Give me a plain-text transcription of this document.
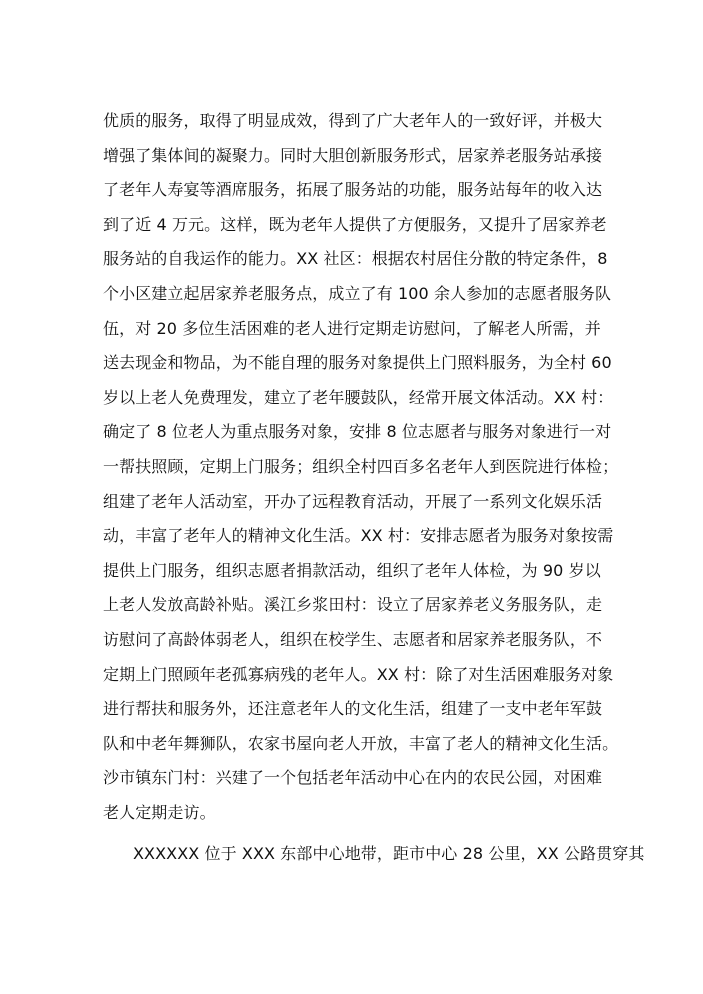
优质的服务，取得了明显成效，得到了广大老年人的一致好评，并极大
增强了集体间的凝聚力。同时大胆创新服务形式，居家养老服务站承接
了老年人寿宴等酒席服务，拓展了服务站的功能，服务站每年的收入达
到了近 4 万元。这样，既为老年人提供了方便服务，又提升了居家养老
服务站的自我运作的能力。XX 社区：根据农村居住分散的特定条件，8
个小区建立起居家养老服务点，成立了有 100 余人参加的志愿者服务队
伍，对 20 多位生活困难的老人进行定期走访慰问，了解老人所需，并
送去现金和物品，为不能自理的服务对象提供上门照料服务，为全村 60
岁以上老人免费理发，建立了老年腰鼓队，经常开展文体活动。XX 村：
确定了 8 位老人为重点服务对象，安排 8 位志愿者与服务对象进行一对
一帮扶照顾，定期上门服务；组织全村四百多名老年人到医院进行体检；
组建了老年人活动室，开办了远程教育活动，开展了一系列文化娱乐活
动，丰富了老年人的精神文化生活。XX 村：安排志愿者为服务对象按需
提供上门服务，组织志愿者捐款活动，组织了老年人体检，为 90 岁以
上老人发放高龄补贴。溪江乡浆田村：设立了居家养老义务服务队，走
访慰问了高龄体弱老人，组织在校学生、志愿者和居家养老服务队，不
定期上门照顾年老孤寡病残的老年人。XX 村：除了对生活困难服务对象
进行帮扶和服务外，还注意老年人的文化生活，组建了一支中老年军鼓
队和中老年舞狮队，农家书屋向老人开放，丰富了老人的精神文化生活。
沙市镇东门村：兴建了一个包括老年活动中心在内的农民公园，对困难
老人定期走访。
XXXXXX 位于 XXX 东部中心地带，距市中心 28 公里，XX 公路贯穿其
